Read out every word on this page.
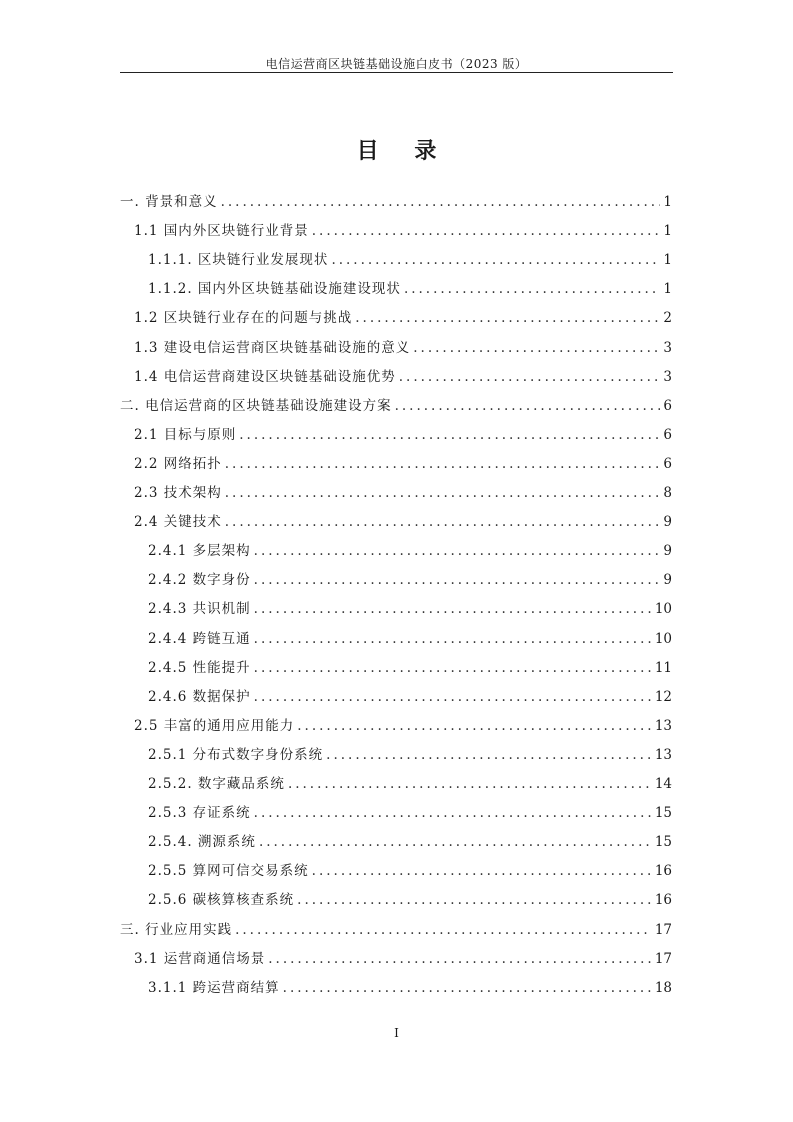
电信运营商区块链基础设施白皮书（2023 版）
目 录
一. 背景和意义 .....	1
1.1 国内外区块链行业背景 .....	1
1.1.1. 区块链行业发展现状 .....	1
1.1.2. 国内外区块链基础设施建设现状 .....	1
1.2 区块链行业存在的问题与挑战 .....	2
1.3 建设电信运营商区块链基础设施的意义 .....	3
1.4 电信运营商建设区块链基础设施优势 .....	3
二. 电信运营商的区块链基础设施建设方案 .....	6
2.1 目标与原则 .....	6
2.2 网络拓扑 .....	6
2.3 技术架构 .....	8
2.4 关键技术 .....	9
2.4.1 多层架构 .....	9
2.4.2 数字身份 .....	9
2.4.3 共识机制 .....	10
2.4.4 跨链互通 .....	10
2.4.5 性能提升 .....	11
2.4.6 数据保护 .....	12
2.5 丰富的通用应用能力 .....	13
2.5.1 分布式数字身份系统 .....	13
2.5.2. 数字藏品系统 .....	14
2.5.3 存证系统 .....	15
2.5.4. 溯源系统 .....	15
2.5.5 算网可信交易系统 .....	16
2.5.6 碳核算核查系统 .....	16
三. 行业应用实践 .....	17
3.1 运营商通信场景 .....	17
3.1.1 跨运营商结算 .....	18
I
